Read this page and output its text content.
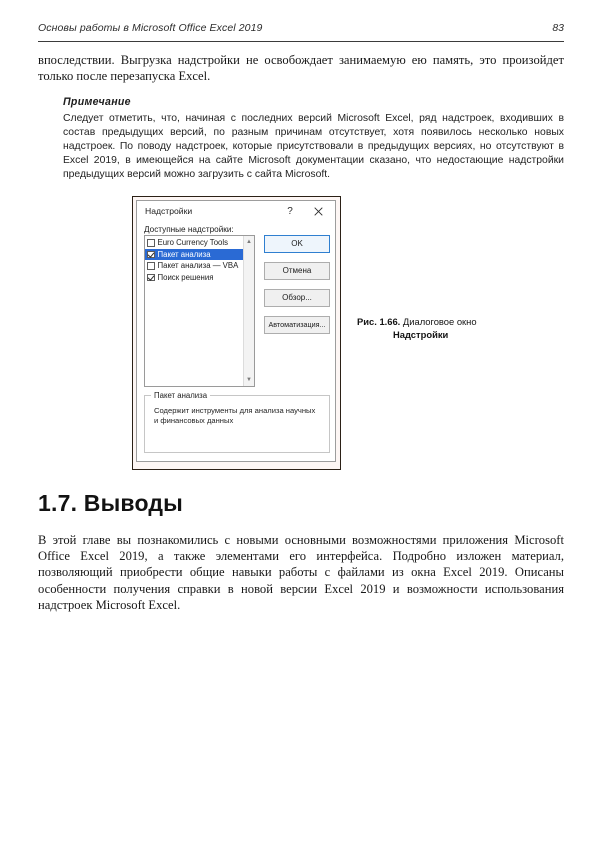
Основы работы в Microsoft Office Excel 2019	83
впоследствии. Выгрузка надстройки не освобождает занимаемую ею память, это произойдет только после перезапуска Excel.
Примечание
Следует отметить, что, начиная с последних версий Microsoft Excel, ряд надстроек, входивших в состав предыдущих версий, по разным причинам отсутствует, хотя появилось несколько новых надстроек. По поводу надстроек, которые присутствовали в предыдущих версиях, но отсутствуют в Excel 2019, в имеющейся на сайте Microsoft документации сказано, что недостающие надстройки предыдущих версий можно загрузить с сайта Microsoft.
Надстройки	?
Доступные надстройки:
Euro Currency Tools
Пакет анализа
Пакет анализа — VBA
Поиск решения
▲
▼
OK
Отмена
Обзор...
Автоматизация...
Пакет анализа
Содержит инструменты для анализа научных и финансовых данных
Рис. 1.66. Диалоговое окно
Надстройки
1.7. Выводы
В этой главе вы познакомились с новыми основными возможностями приложения Microsoft Office Excel 2019, а также элементами его интерфейса. Подробно изложен материал, позволяющий приобрести общие навыки работы с файлами из окна Excel 2019. Описаны особенности получения справки в новой версии Excel 2019 и возможности использования надстроек Microsoft Excel.
